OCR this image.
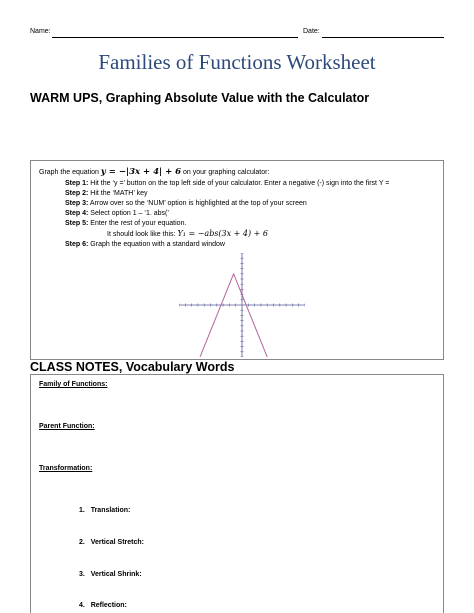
Name:	Date:
Families of Functions Worksheet
WARM UPS, Graphing Absolute Value with the Calculator
Graph the equation y = −|3x + 4| + 6 on your graphing calculator:
Step 1: Hit the ‘y =’ button on the top left side of your calculator. Enter a negative (-) sign into the first Y =
Step 2: Hit the ‘MATH’ key
Step 3: Arrow over so the ‘NUM’ option is highlighted at the top of your screen
Step 4: Select option 1 – ‘1. abs(’
Step 5: Enter the rest of your equation.
It should look like this: Y₁ = −abs(3x + 4) + 6
Step 6: Graph the equation with a standard window
CLASS NOTES, Vocabulary Words
Family of Functions:
Parent Function:
Transformation:
1. Translation:
2. Vertical Stretch:
3. Vertical Shrink:
4. Reflection:
